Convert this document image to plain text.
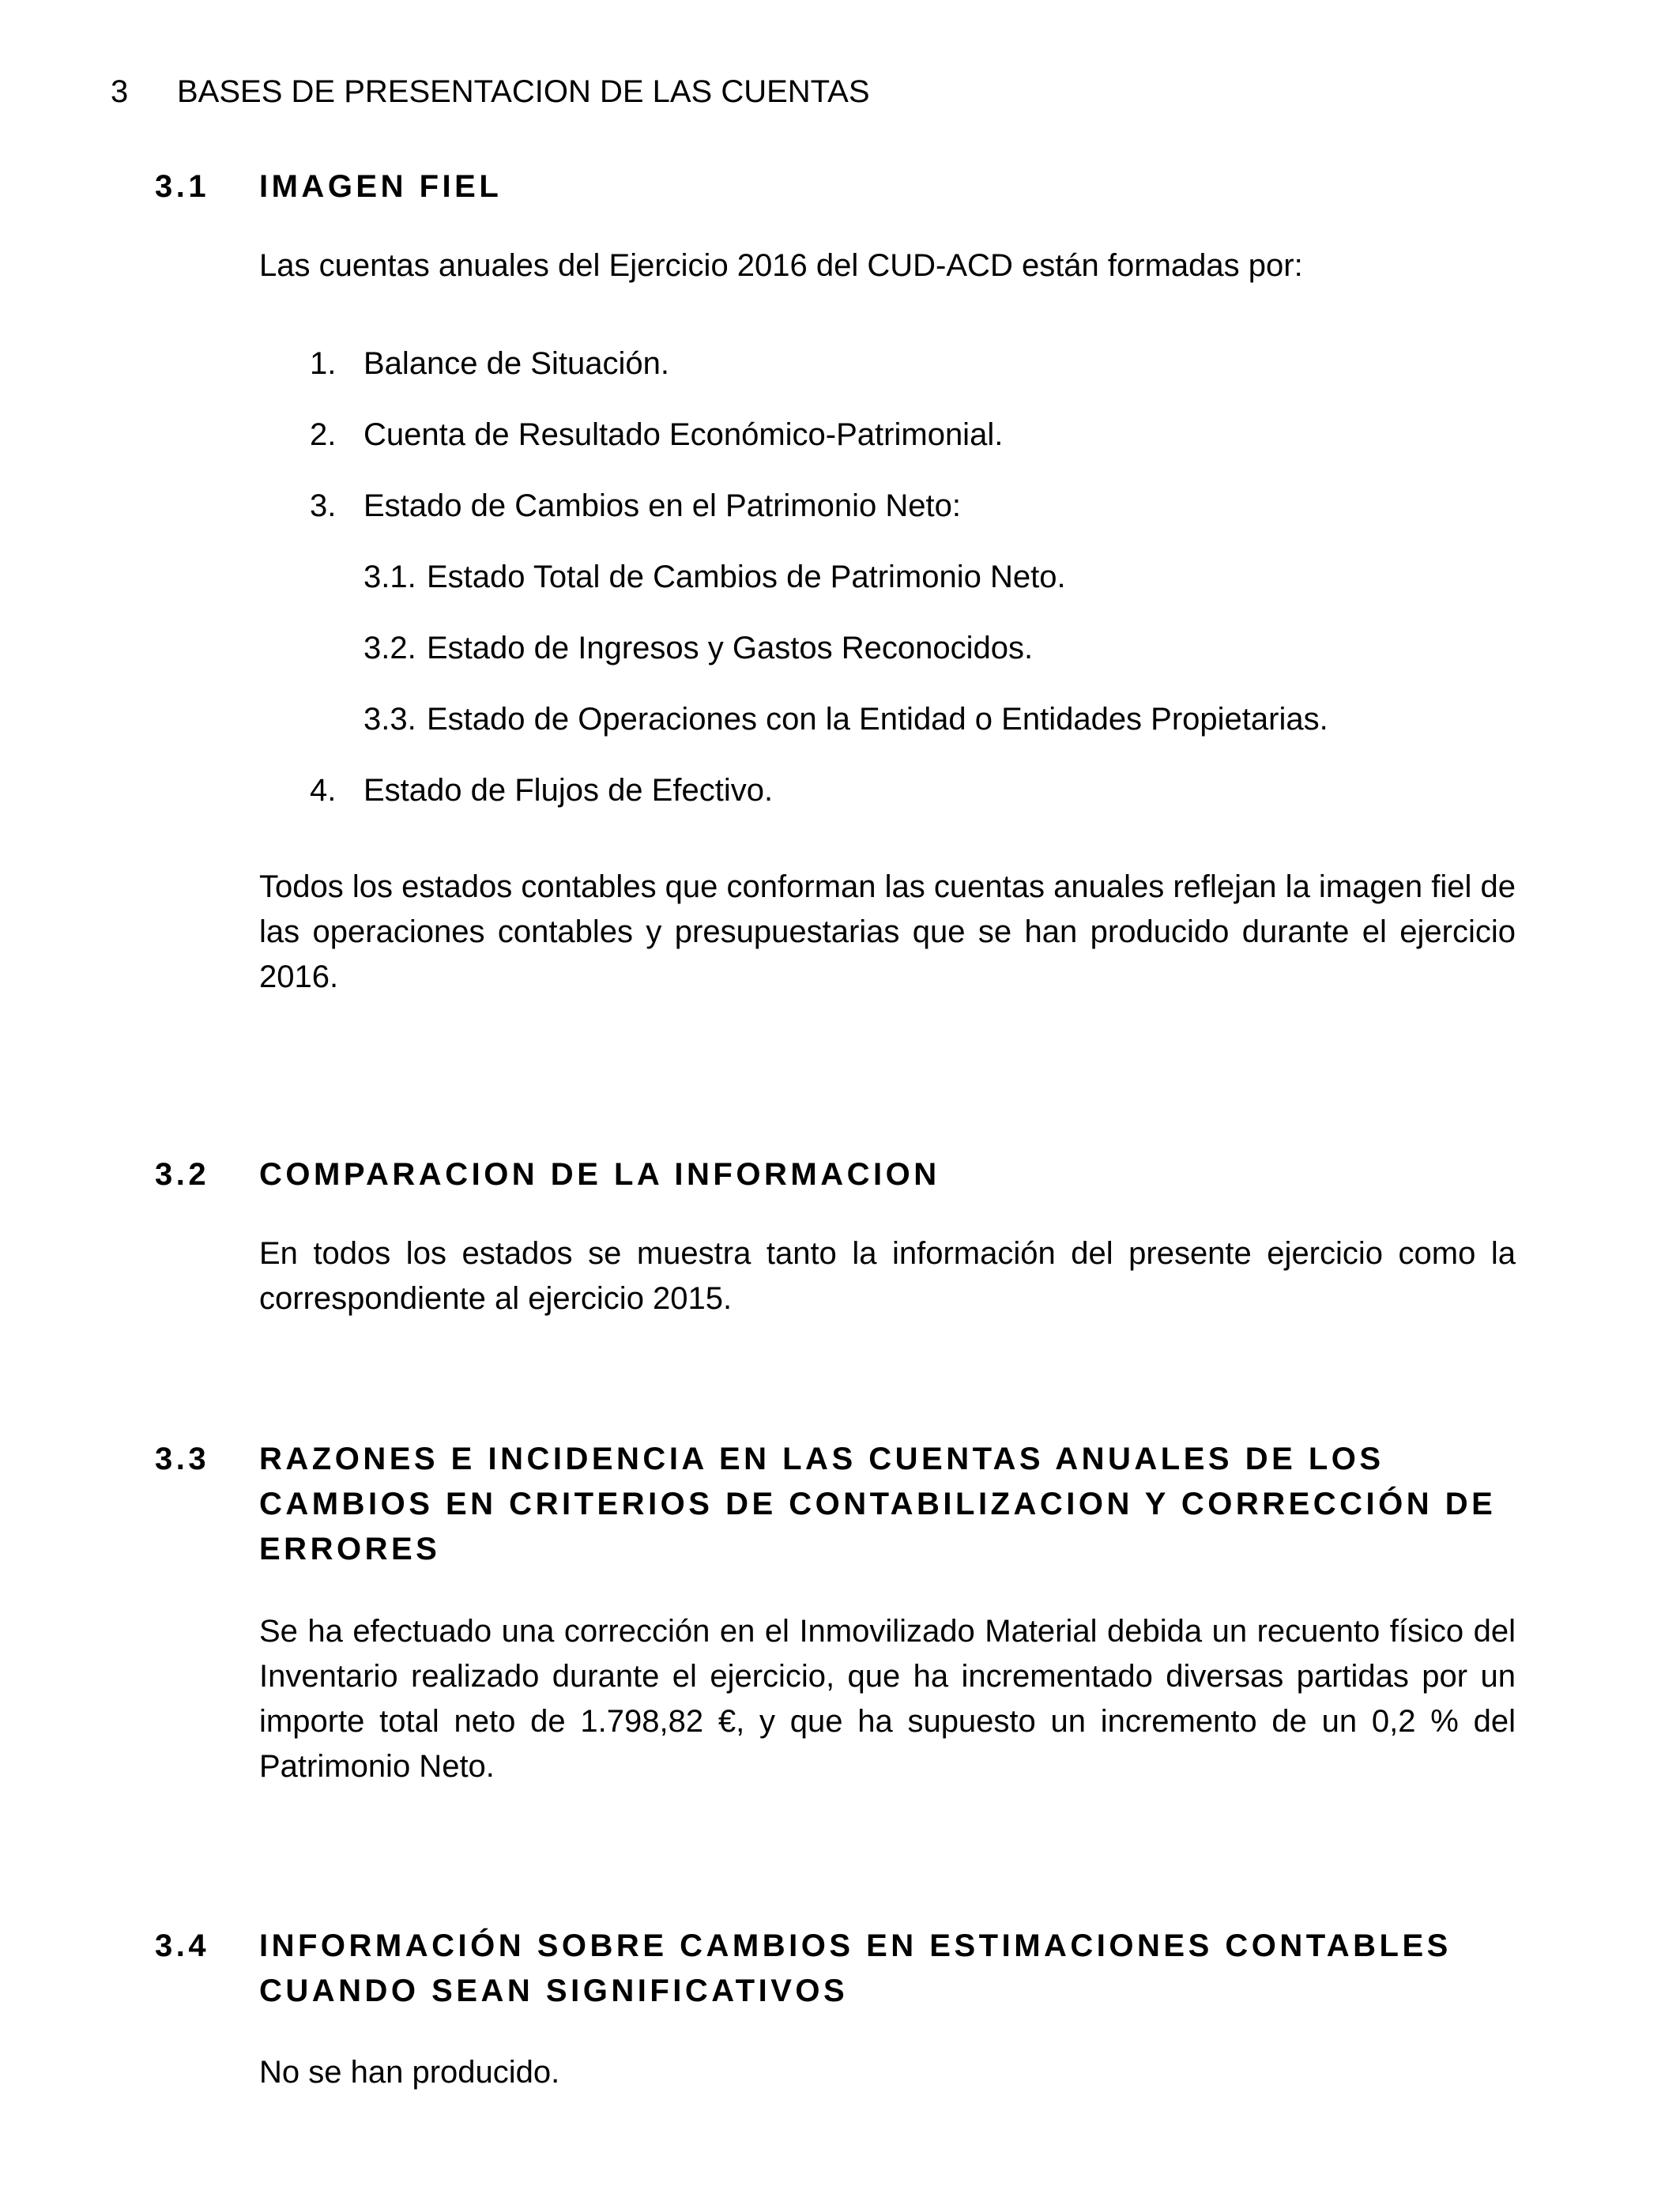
3 BASES DE PRESENTACION DE LAS CUENTAS
3.1 IMAGEN FIEL
Las cuentas anuales del Ejercicio 2016 del CUD-ACD están formadas por:
1. Balance de Situación.
2. Cuenta de Resultado Económico-Patrimonial.
3. Estado de Cambios en el Patrimonio Neto:
3.1. Estado Total de Cambios de Patrimonio Neto.
3.2. Estado de Ingresos y Gastos Reconocidos.
3.3. Estado de Operaciones con la Entidad o Entidades Propietarias.
4. Estado de Flujos de Efectivo.
Todos los estados contables que conforman las cuentas anuales reflejan la imagen fiel de las operaciones contables y presupuestarias que se han producido durante el ejercicio 2016.
3.2 COMPARACION DE LA INFORMACION
En todos los estados se muestra tanto la información del presente ejercicio como la correspondiente al ejercicio 2015.
3.3 RAZONES E INCIDENCIA EN LAS CUENTAS ANUALES DE LOS CAMBIOS EN CRITERIOS DE CONTABILIZACION Y CORRECCIÓN DE ERRORES
Se ha efectuado una corrección en el Inmovilizado Material debida un recuento físico del Inventario realizado durante el ejercicio, que ha incrementado diversas partidas por un importe total neto de 1.798,82 €, y que ha supuesto un incremento de un 0,2 % del Patrimonio Neto.
3.4 INFORMACIÓN SOBRE CAMBIOS EN ESTIMACIONES CONTABLES CUANDO SEAN SIGNIFICATIVOS
No se han producido.
